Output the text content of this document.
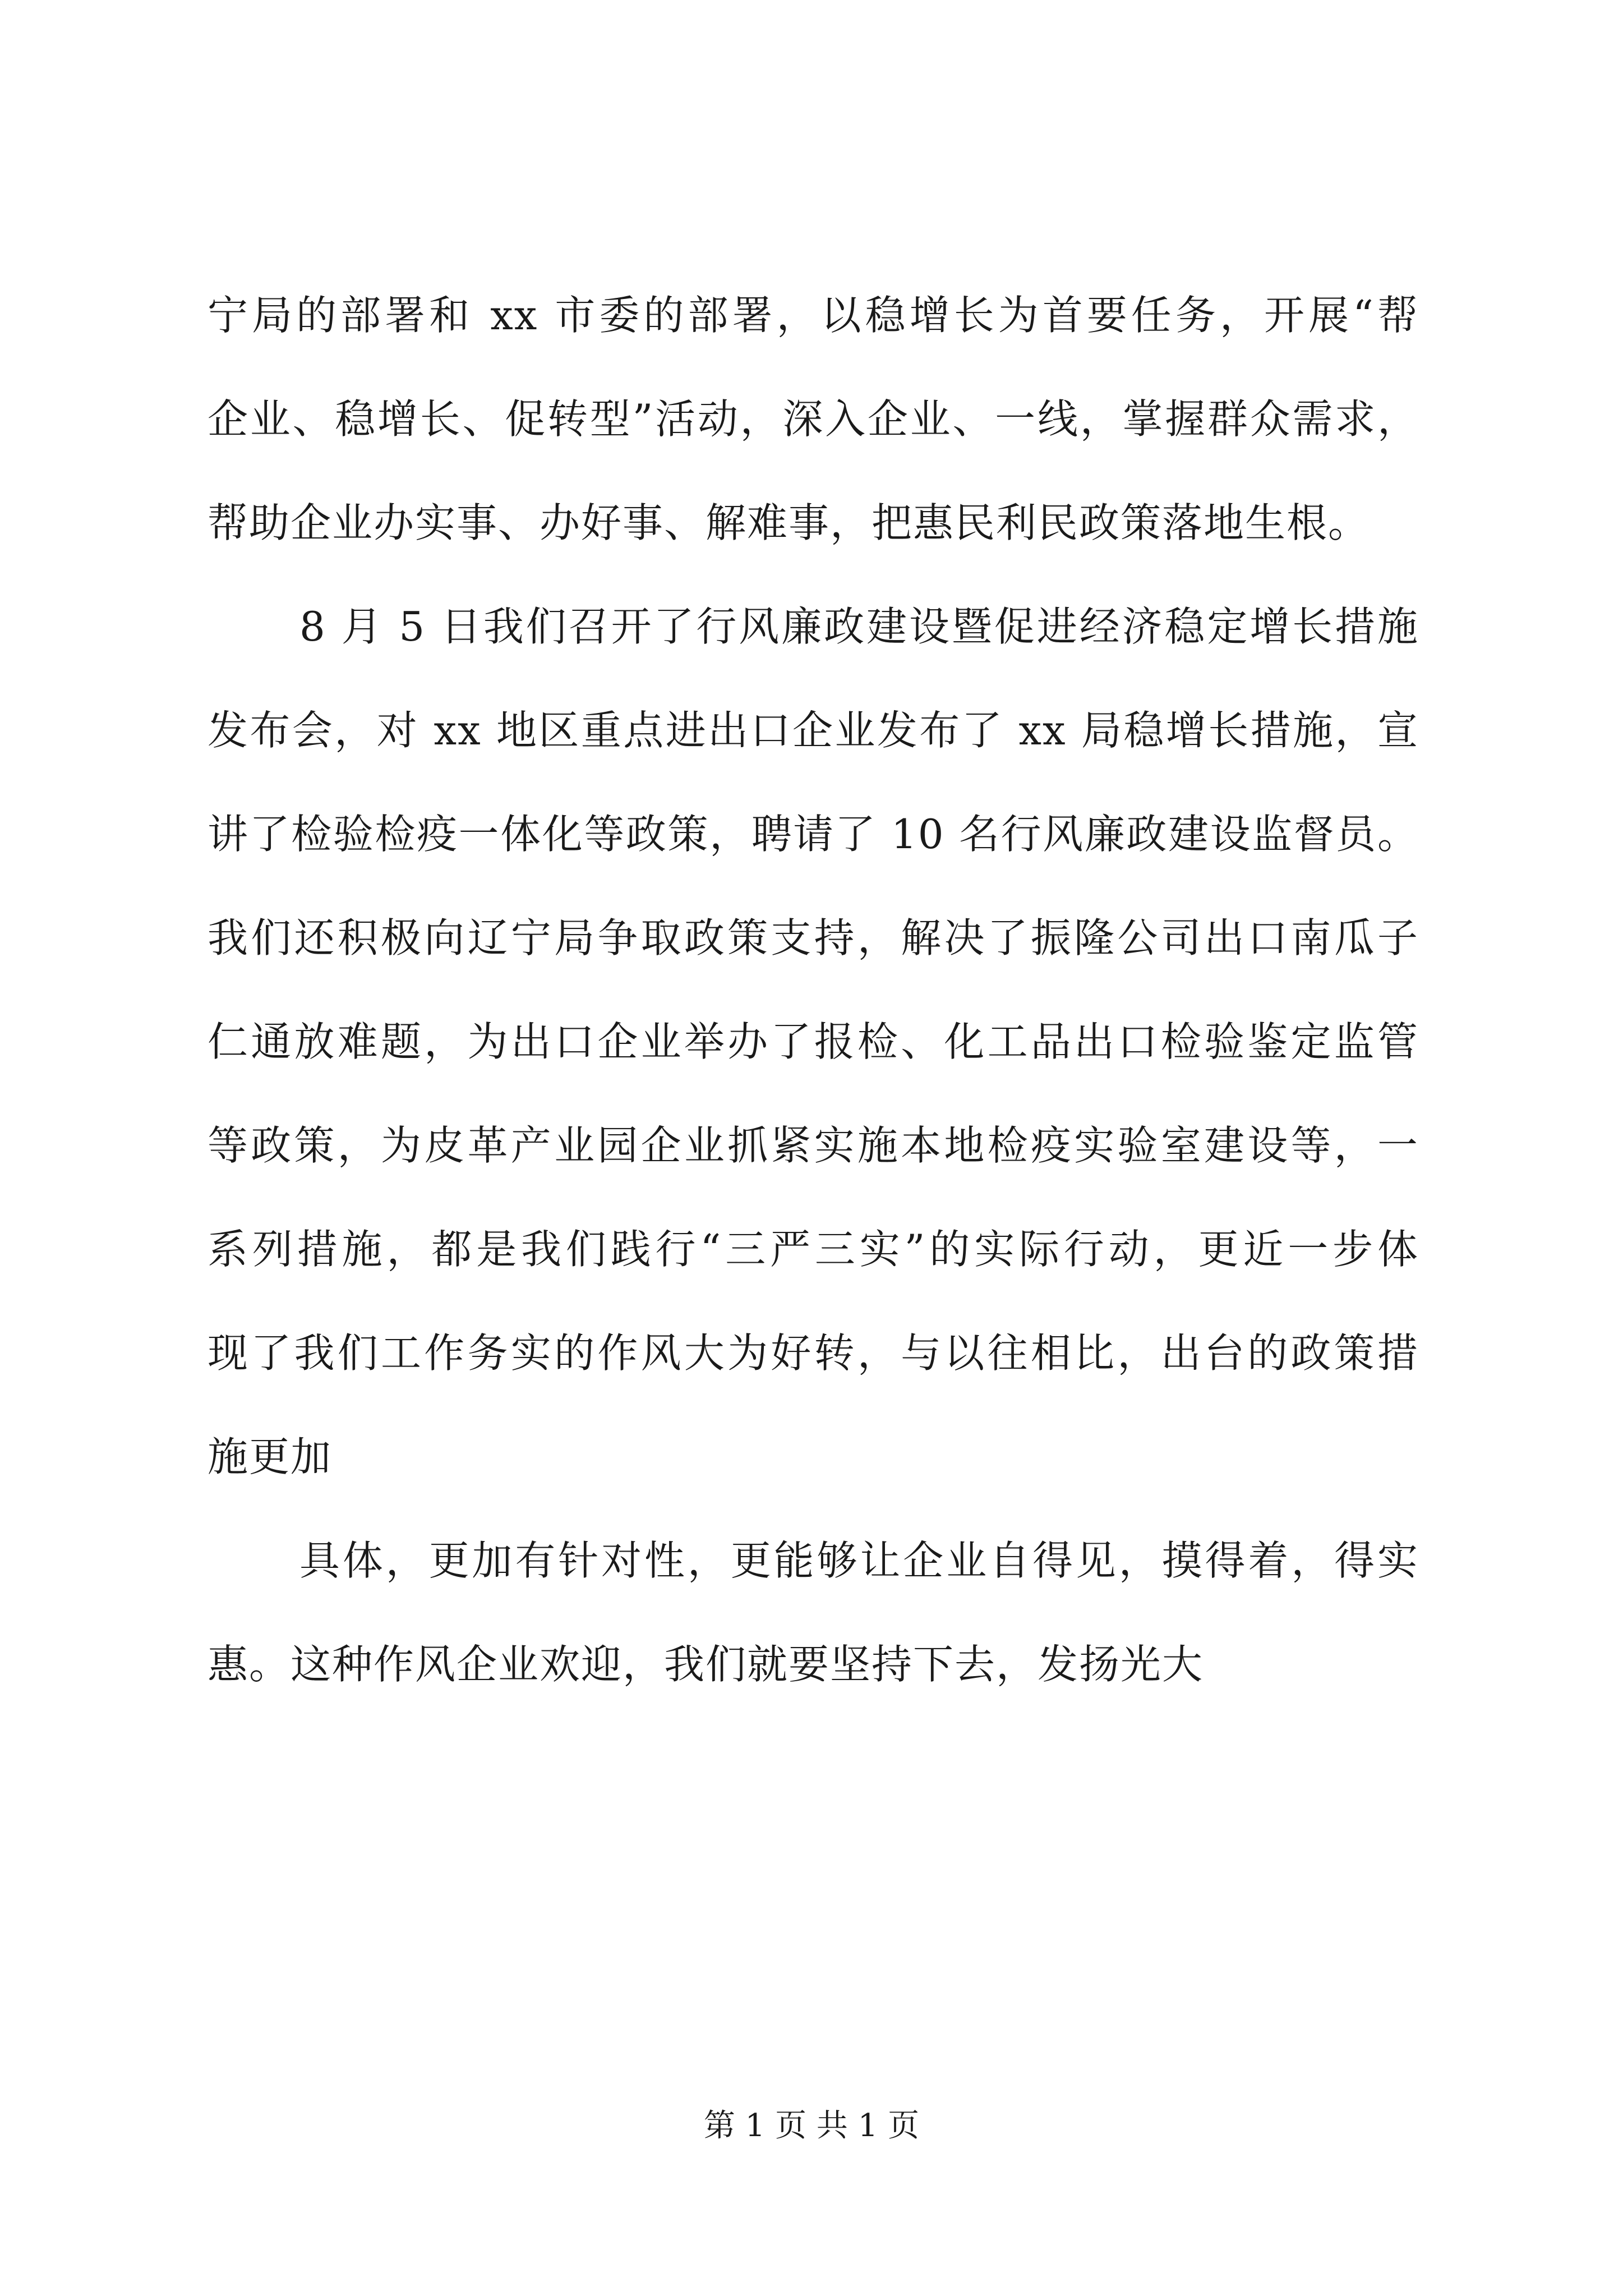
宁局的部署和 xx 市委的部署，以稳增长为首要任务，开展“帮
企业、稳增长、促转型”活动，深入企业、一线，掌握群众需求，
帮助企业办实事、办好事、解难事，把惠民利民政策落地生根。
8 月 5 日我们召开了行风廉政建设暨促进经济稳定增长措施
发布会，对 xx 地区重点进出口企业发布了 xx 局稳增长措施，宣
讲了检验检疫一体化等政策，聘请了 10 名行风廉政建设监督员。
我们还积极向辽宁局争取政策支持，解决了振隆公司出口南瓜子
仁通放难题，为出口企业举办了报检、化工品出口检验鉴定监管
等政策，为皮革产业园企业抓紧实施本地检疫实验室建设等，一
系列措施，都是我们践行“三严三实”的实际行动，更近一步体
现了我们工作务实的作风大为好转，与以往相比，出台的政策措
施更加
具体，更加有针对性，更能够让企业自得见，摸得着，得实
惠。这种作风企业欢迎，我们就要坚持下去，发扬光大
第 1 页 共 1 页
